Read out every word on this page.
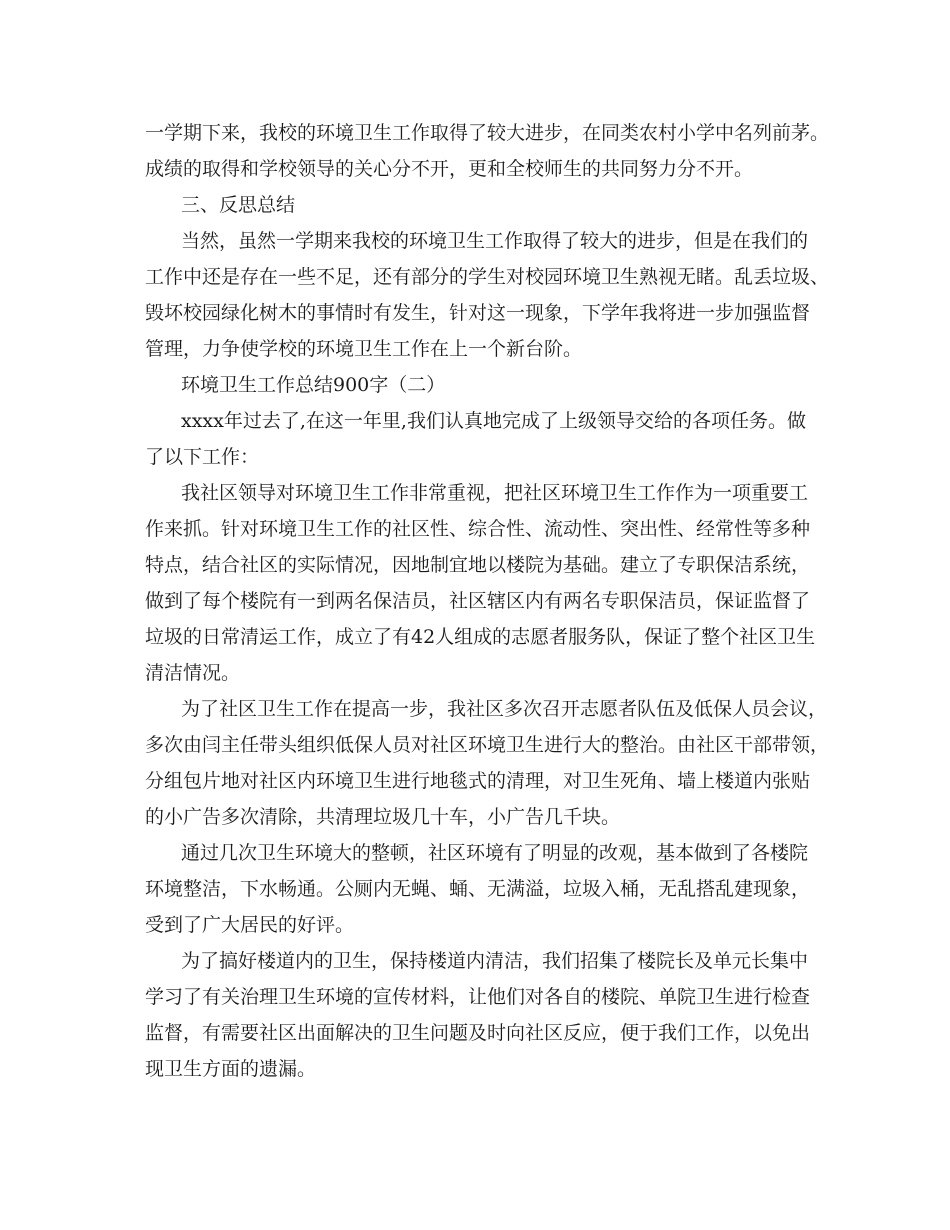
一学期下来，我校的环境卫生工作取得了较大进步，在同类农村小学中名列前茅。
成绩的取得和学校领导的关心分不开，更和全校师生的共同努力分不开。
三、反思总结
当然，虽然一学期来我校的环境卫生工作取得了较大的进步，但是在我们的
工作中还是存在一些不足，还有部分的学生对校园环境卫生熟视无睹。乱丢垃圾、
毁坏校园绿化树木的事情时有发生，针对这一现象，下学年我将进一步加强监督
管理，力争使学校的环境卫生工作在上一个新台阶。
环境卫生工作总结900字（二）
xxxx年过去了,在这一年里,我们认真地完成了上级领导交给的各项任务。做
了以下工作：
我社区领导对环境卫生工作非常重视，把社区环境卫生工作作为一项重要工
作来抓。针对环境卫生工作的社区性、综合性、流动性、突出性、经常性等多种
特点，结合社区的实际情况，因地制宜地以楼院为基础。建立了专职保洁系统，
做到了每个楼院有一到两名保洁员，社区辖区内有两名专职保洁员，保证监督了
垃圾的日常清运工作，成立了有42人组成的志愿者服务队，保证了整个社区卫生
清洁情况。
为了社区卫生工作在提高一步，我社区多次召开志愿者队伍及低保人员会议，
多次由闫主任带头组织低保人员对社区环境卫生进行大的整治。由社区干部带领，
分组包片地对社区内环境卫生进行地毯式的清理，对卫生死角、墙上楼道内张贴
的小广告多次清除，共清理垃圾几十车，小广告几千块。
通过几次卫生环境大的整顿，社区环境有了明显的改观，基本做到了各楼院
环境整洁，下水畅通。公厕内无蝇、蛹、无满溢，垃圾入桶，无乱搭乱建现象，
受到了广大居民的好评。
为了搞好楼道内的卫生，保持楼道内清洁，我们招集了楼院长及单元长集中
学习了有关治理卫生环境的宣传材料，让他们对各自的楼院、单院卫生进行检查
监督，有需要社区出面解决的卫生问题及时向社区反应，便于我们工作，以免出
现卫生方面的遗漏。
